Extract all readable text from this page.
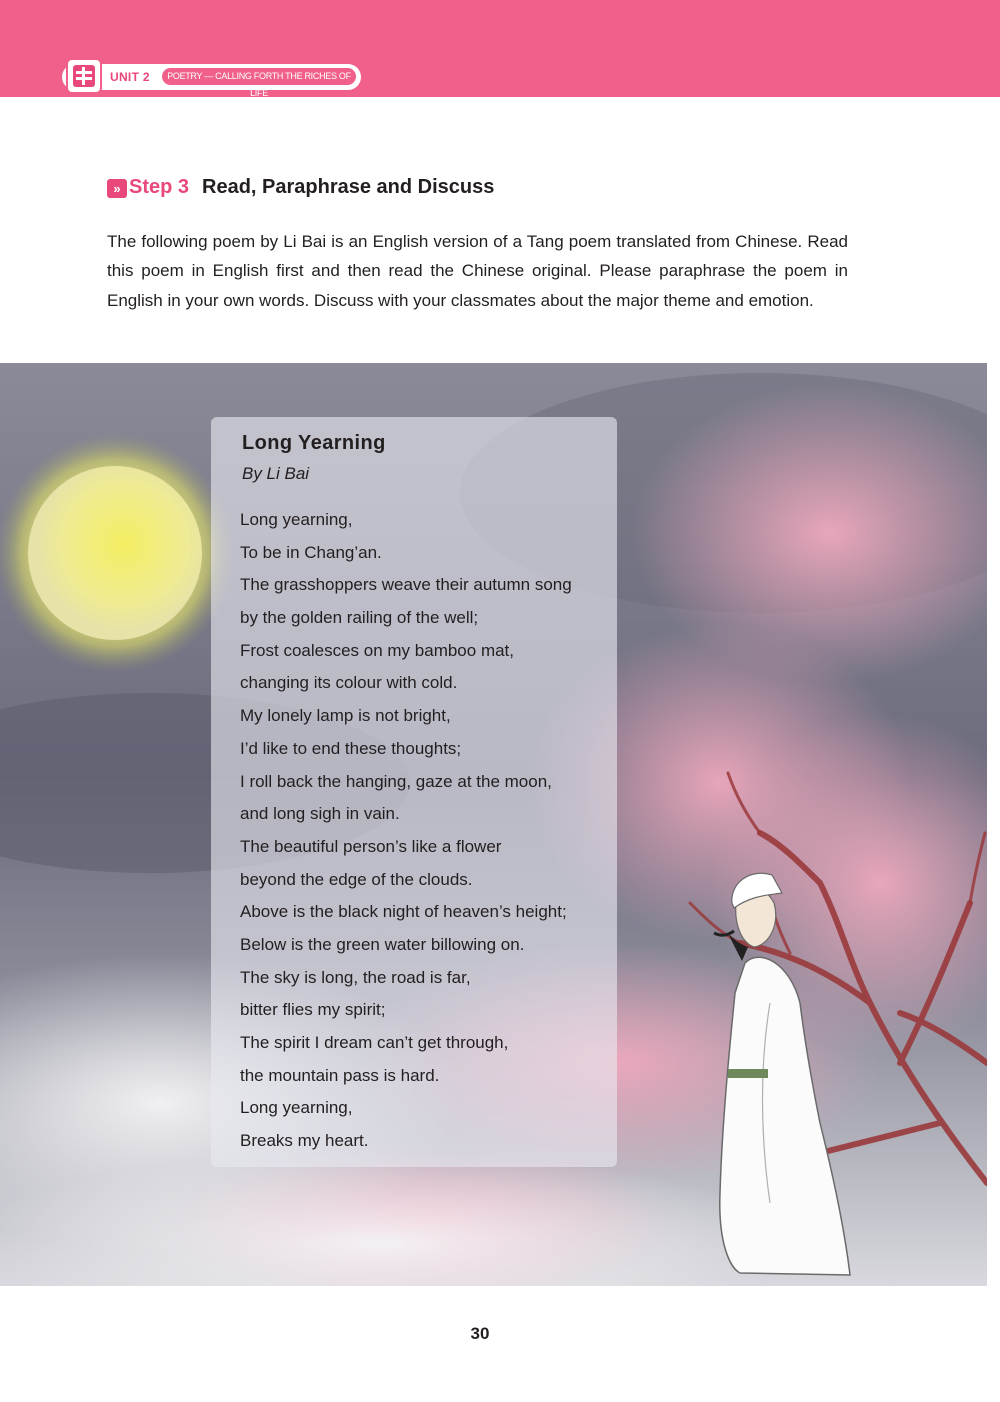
UNIT 2	POETRY — CALLING FORTH THE RICHES OF LIFE
» Step 3 Read, Paraphrase and Discuss
The following poem by Li Bai is an English version of a Tang poem translated from Chinese. Read this poem in English first and then read the Chinese original. Please paraphrase the poem in English in your own words. Discuss with your classmates about the major theme and emotion.
Long Yearning
By Li Bai
Long yearning,
To be in Chang’an.
The grasshoppers weave their autumn song
by the golden railing of the well;
Frost coalesces on my bamboo mat,
changing its colour with cold.
My lonely lamp is not bright,
I’d like to end these thoughts;
I roll back the hanging, gaze at the moon,
and long sigh in vain.
The beautiful person’s like a flower
beyond the edge of the clouds.
Above is the black night of heaven’s height;
Below is the green water billowing on.
The sky is long, the road is far,
bitter flies my spirit;
The spirit I dream can’t get through,
the mountain pass is hard.
Long yearning,
Breaks my heart.
30
